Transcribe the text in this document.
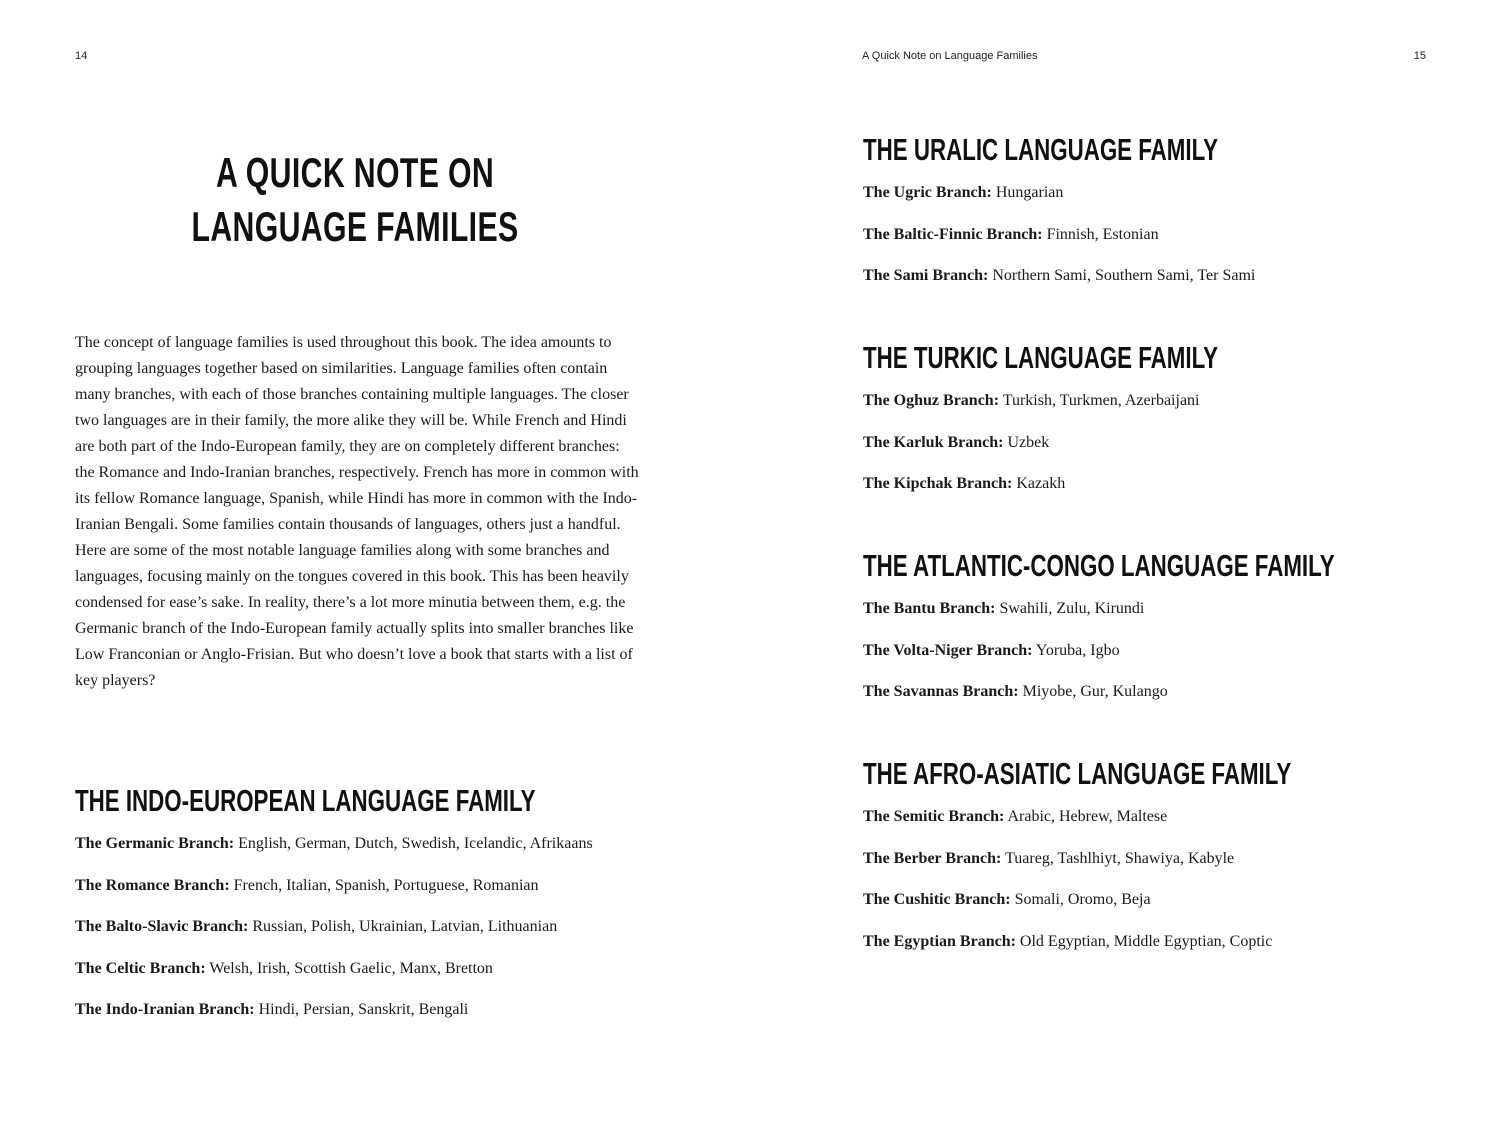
14
A QUICK NOTE ON
LANGUAGE FAMILIES

The concept of language families is used throughout this book. The idea amounts to grouping languages together based on similarities. Language families often contain many branches, with each of those branches containing multiple languages. The closer two languages are in their family, the more alike they will be. While French and Hindi are both part of the Indo-European family, they are on completely different branches: the Romance and Indo-Iranian branches, respectively. French has more in common with its fellow Romance language, Spanish, while Hindi has more in common with the Indo-Iranian Bengali. Some families contain thousands of languages, others just a handful. Here are some of the most notable language families along with some branches and languages, focusing mainly on the tongues covered in this book. This has been heavily condensed for ease’s sake. In reality, there’s a lot more minutia between them, e.g. the Germanic branch of the Indo-European family actually splits into smaller branches like Low Franconian or Anglo-Frisian. But who doesn’t love a book that starts with a list of key players?

THE INDO-EUROPEAN LANGUAGE FAMILY

The Germanic Branch: English, German, Dutch, Swedish, Icelandic, Afrikaans

The Romance Branch: French, Italian, Spanish, Portuguese, Romanian

The Balto-Slavic Branch: Russian, Polish, Ukrainian, Latvian, Lithuanian

The Celtic Branch: Welsh, Irish, Scottish Gaelic, Manx, Bretton

The Indo-Iranian Branch: Hindi, Persian, Sanskrit, Bengali

A Quick Note on Language Families	15
THE URALIC LANGUAGE FAMILY

The Ugric Branch: Hungarian

The Baltic-Finnic Branch: Finnish, Estonian

The Sami Branch: Northern Sami, Southern Sami, Ter Sami

THE TURKIC LANGUAGE FAMILY

The Oghuz Branch: Turkish, Turkmen, Azerbaijani

The Karluk Branch: Uzbek

The Kipchak Branch: Kazakh

THE ATLANTIC-CONGO LANGUAGE FAMILY

The Bantu Branch: Swahili, Zulu, Kirundi

The Volta-Niger Branch: Yoruba, Igbo

The Savannas Branch: Miyobe, Gur, Kulango

THE AFRO-ASIATIC LANGUAGE FAMILY

The Semitic Branch: Arabic, Hebrew, Maltese

The Berber Branch: Tuareg, Tashlhiyt, Shawiya, Kabyle

The Cushitic Branch: Somali, Oromo, Beja

The Egyptian Branch: Old Egyptian, Middle Egyptian, Coptic
